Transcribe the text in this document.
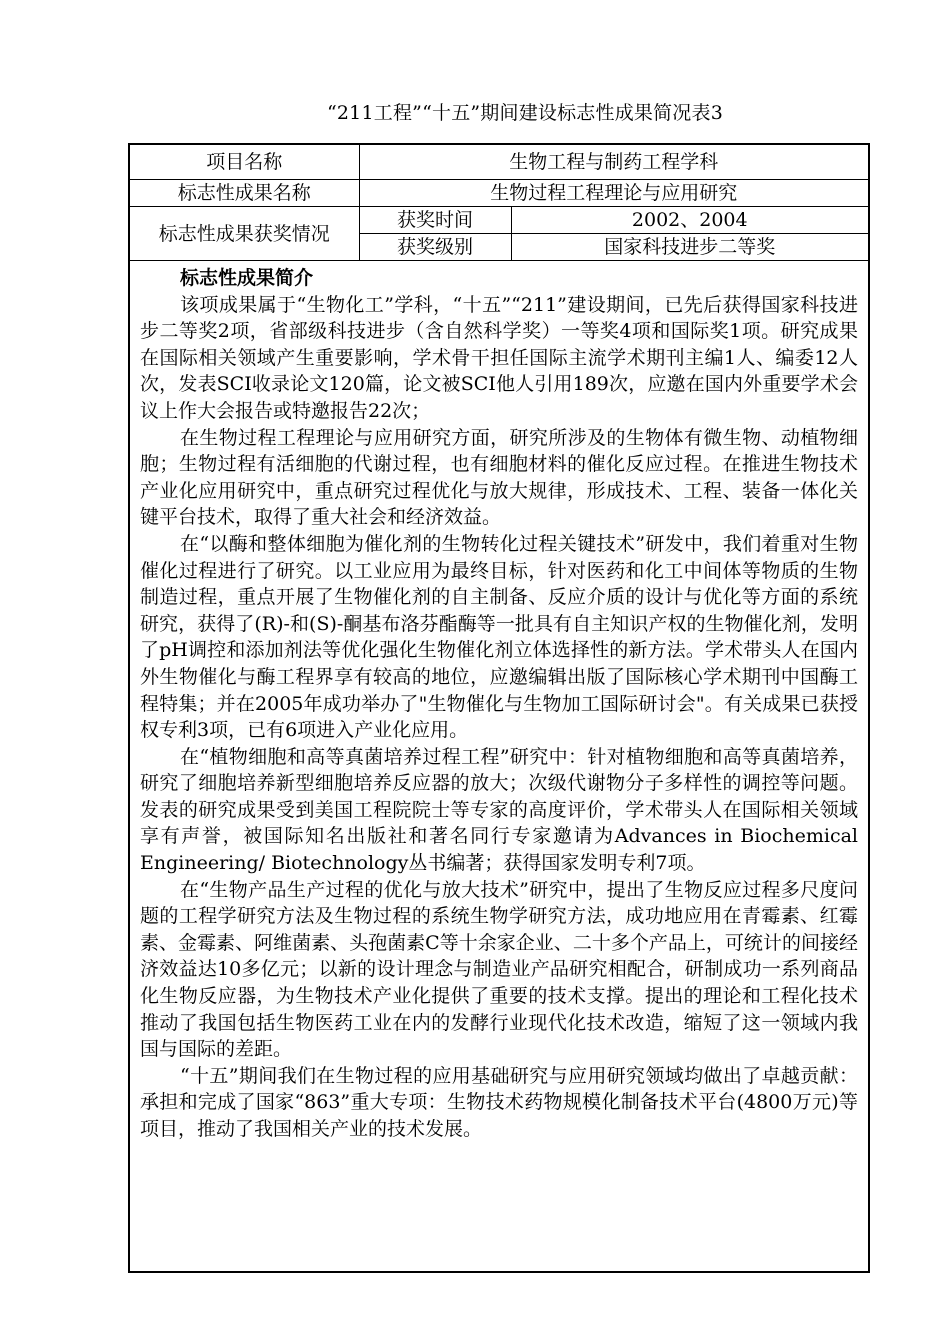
“211工程”“十五”期间建设标志性成果简况表3
项目名称	生物工程与制药工程学科	
标志性成果名称	生物过程工程理论与应用研究	
标志性成果获奖情况	获奖时间	2002、2004
	获奖级别	国家科技进步二等奖
标志性成果简介

该项成果属于“生物化工”学科，“十五”“211”建设期间，已先后获得国家科技进步二等奖2项，省部级科技进步（含自然科学奖）一等奖4项和国际奖1项。研究成果在国际相关领域产生重要影响，学术骨干担任国际主流学术期刊主编1人、编委12人次，发表SCI收录论文120篇，论文被SCI他人引用189次，应邀在国内外重要学术会议上作大会报告或特邀报告22次；

在生物过程工程理论与应用研究方面，研究所涉及的生物体有微生物、动植物细胞；生物过程有活细胞的代谢过程，也有细胞材料的催化反应过程。在推进生物技术产业化应用研究中，重点研究过程优化与放大规律，形成技术、工程、装备一体化关键平台技术，取得了重大社会和经济效益。

在“以酶和整体细胞为催化剂的生物转化过程关键技术”研发中，我们着重对生物催化过程进行了研究。以工业应用为最终目标，针对医药和化工中间体等物质的生物制造过程，重点开展了生物催化剂的自主制备、反应介质的设计与优化等方面的系统研究，获得了(R)-和(S)-酮基布洛芬酯酶等一批具有自主知识产权的生物催化剂，发明了pH调控和添加剂法等优化强化生物催化剂立体选择性的新方法。学术带头人在国内外生物催化与酶工程界享有较高的地位，应邀编辑出版了国际核心学术期刊中国酶工程特集；并在2005年成功举办了"生物催化与生物加工国际研讨会"。有关成果已获授权专利3项，已有6项进入产业化应用。

在“植物细胞和高等真菌培养过程工程”研究中：针对植物细胞和高等真菌培养，研究了细胞培养新型细胞培养反应器的放大；次级代谢物分子多样性的调控等问题。发表的研究成果受到美国工程院院士等专家的高度评价，学术带头人在国际相关领域享有声誉，被国际知名出版社和著名同行专家邀请为Advances in Biochemical Engineering/ Biotechnology丛书编著；获得国家发明专利7项。

在“生物产品生产过程的优化与放大技术”研究中，提出了生物反应过程多尺度问题的工程学研究方法及生物过程的系统生物学研究方法，成功地应用在青霉素、红霉素、金霉素、阿维菌素、头孢菌素C等十余家企业、二十多个产品上，可统计的间接经济效益达10多亿元；以新的设计理念与制造业产品研究相配合，研制成功一系列商品化生物反应器，为生物技术产业化提供了重要的技术支撑。提出的理论和工程化技术推动了我国包括生物医药工业在内的发酵行业现代化技术改造，缩短了这一领域内我国与国际的差距。

“十五”期间我们在生物过程的应用基础研究与应用研究领域均做出了卓越贡献：承担和完成了国家“863”重大专项：生物技术药物规模化制备技术平台(4800万元)等项目，推动了我国相关产业的技术发展。
